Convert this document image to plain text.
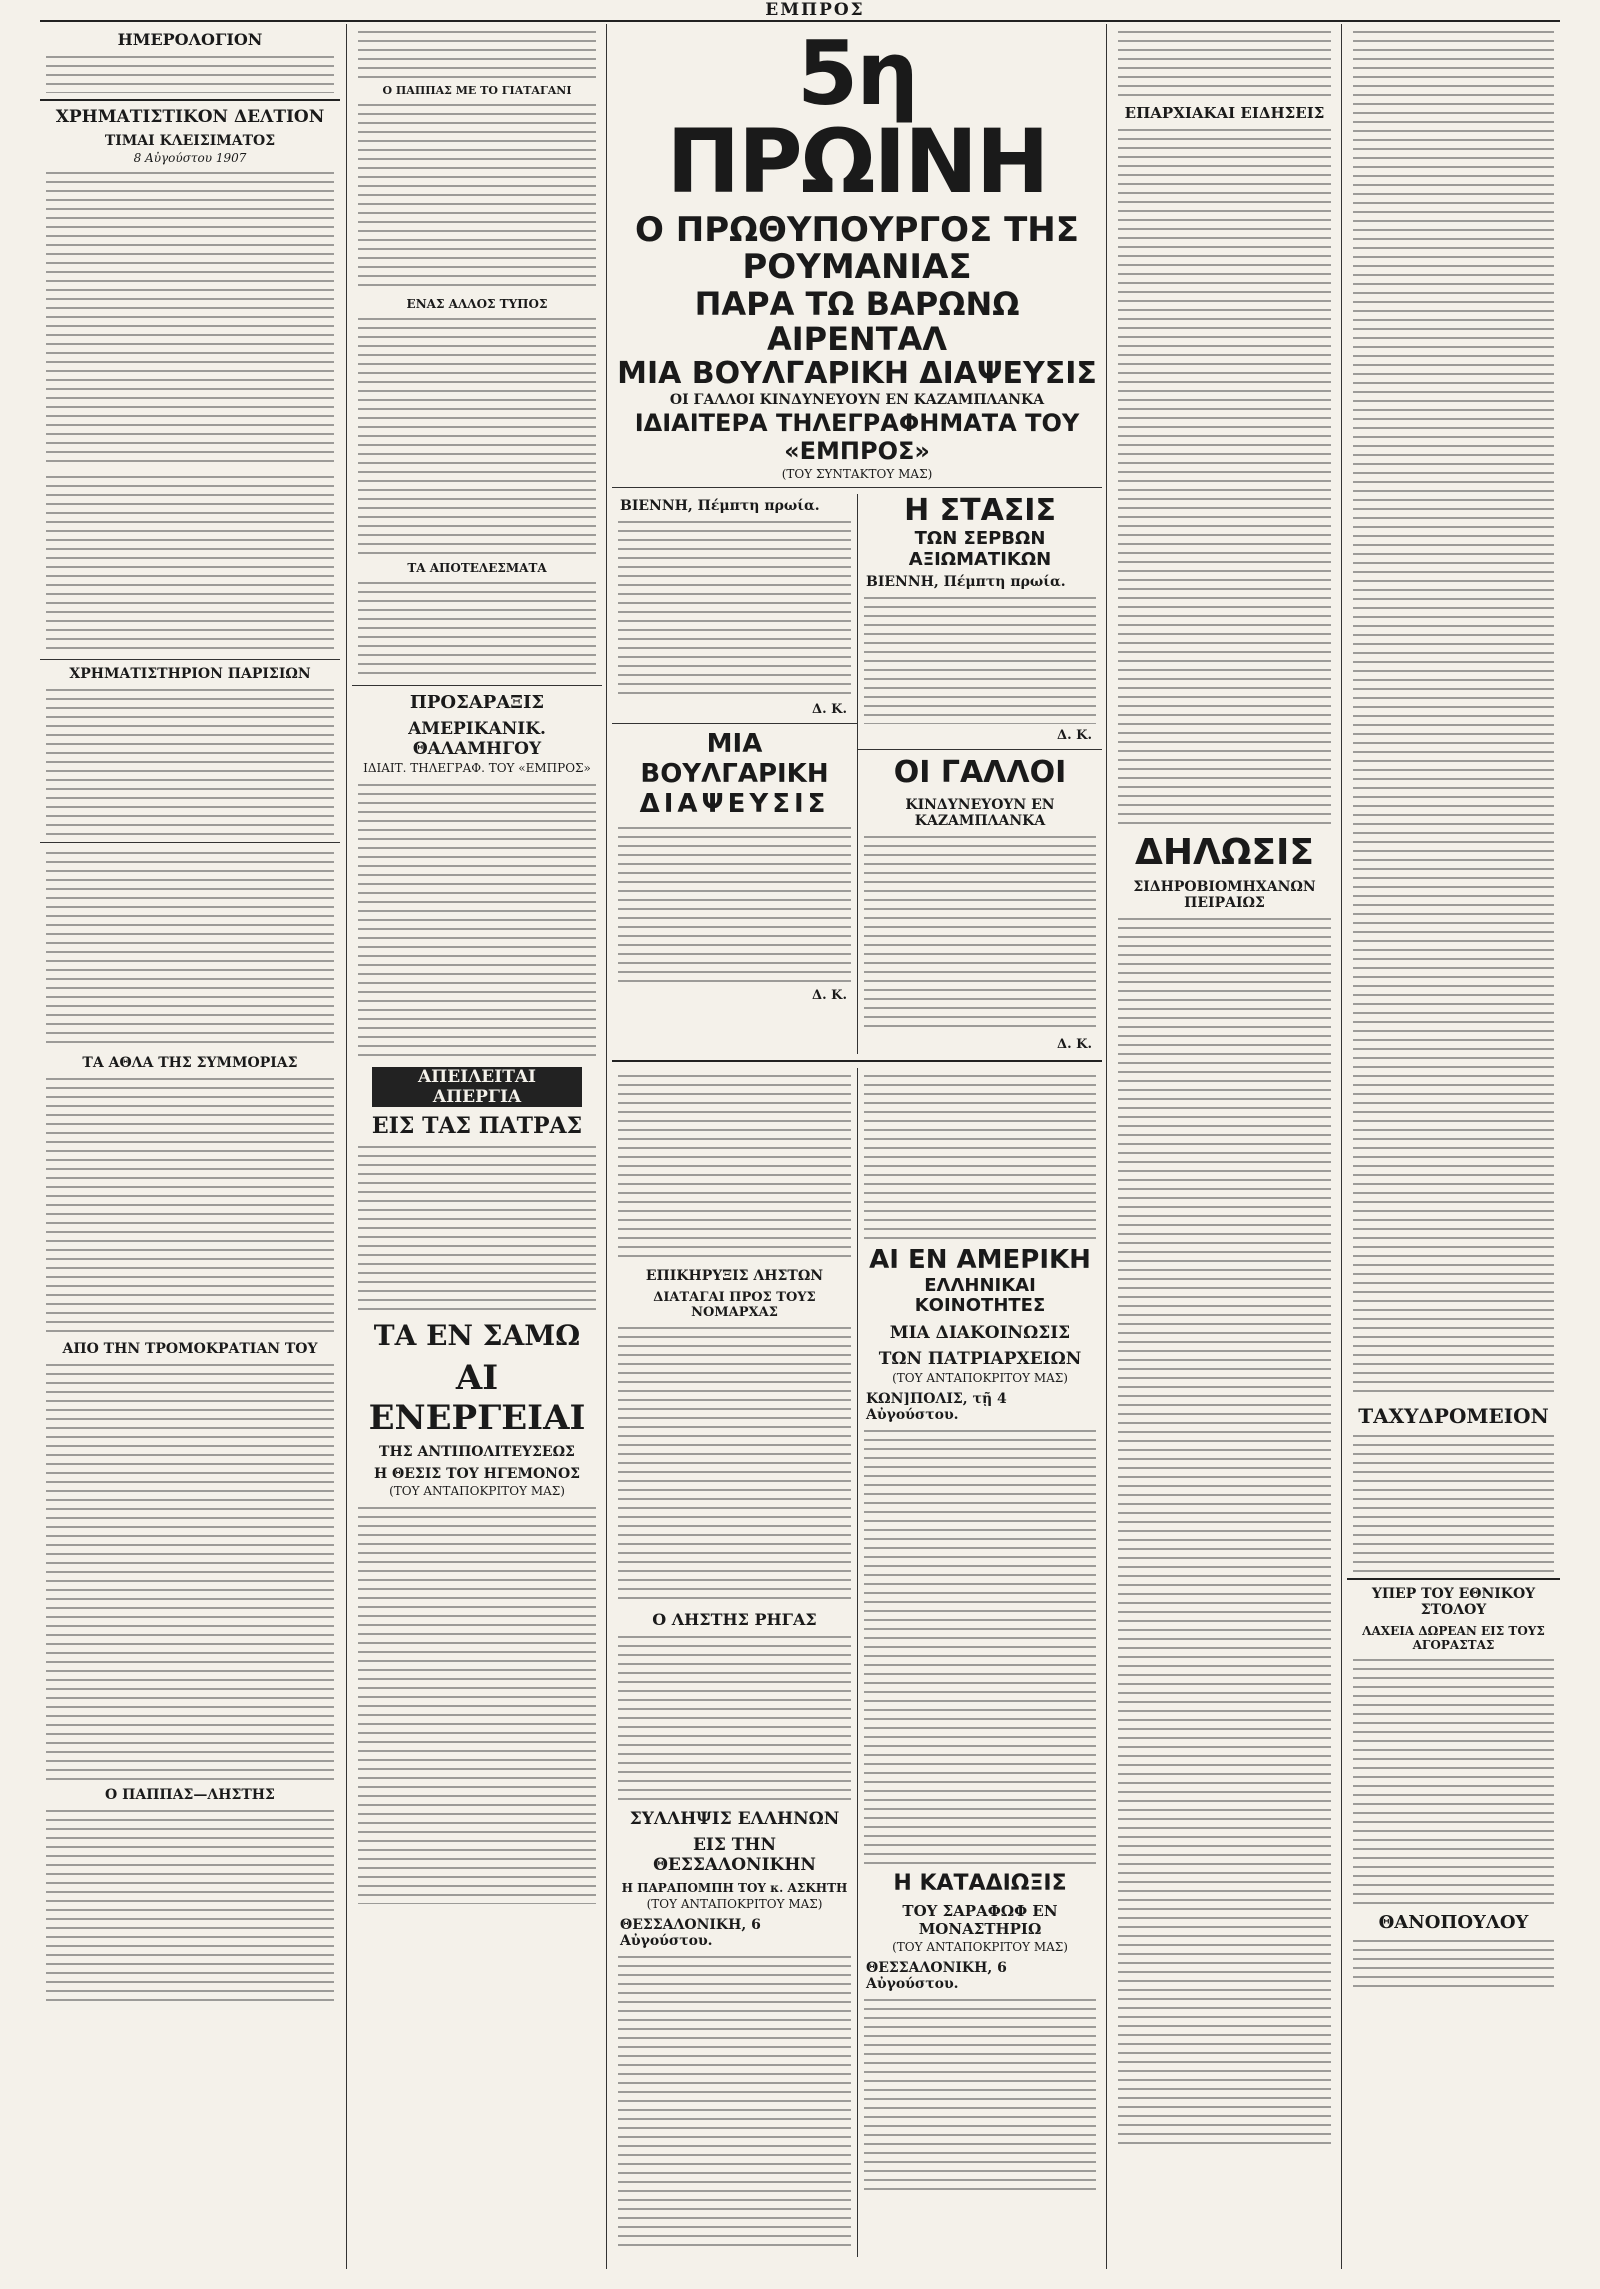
ΕΜΠΡΟΣ
ΗΜΕΡΟΛΟΓΙΟΝ
ΧΡΗΜΑΤΙΣΤΙΚΟΝ ΔΕΛΤΙΟΝ
ΤΙΜΑΙ ΚΛΕΙΣΙΜΑΤΟΣ
8 Αὐγούστου 1907
ΧΡΗΜΑΤΙΣΤΗΡΙΟΝ ΠΑΡΙΣΙΩΝ
ΤΑ ΑΘΛΑ ΤΗΣ ΣΥΜΜΟΡΙΑΣ
ΑΠΟ ΤΗΝ ΤΡΟΜΟΚΡΑΤΙΑΝ ΤΟΥ
Ο ΠΑΠΠΑΣ—ΛΗΣΤΗΣ
Ο ΠΑΠΠΑΣ ΜΕ ΤΟ ΓΙΑΤΑΓΑΝΙ
ΕΝΑΣ ΑΛΛΟΣ ΤΥΠΟΣ
ΤΑ ΑΠΟΤΕΛΕΣΜΑΤΑ
ΠΡΟΣΑΡΑΞΙΣ
ΑΜΕΡΙΚΑΝΙΚ. ΘΑΛΑΜΗΓΟΥ
ΙΔΙΑΙΤ. ΤΗΛΕΓΡΑΦ. ΤΟΥ «ΕΜΠΡΟΣ»
ΑΠΕΙΛΕΙΤΑΙ ΑΠΕΡΓΙΑ
ΕΙΣ ΤΑΣ ΠΑΤΡΑΣ
ΤΑ ΕΝ ΣΑΜΩ
ΑΙ ΕΝΕΡΓΕΙΑΙ
ΤΗΣ ΑΝΤΙΠΟΛΙΤΕΥΣΕΩΣ
Η ΘΕΣΙΣ ΤΟΥ ΗΓΕΜΟΝΟΣ
(ΤΟΥ ΑΝΤΑΠΟΚΡΙΤΟΥ ΜΑΣ)
5η ΠΡΩΙΝΗ
Ο ΠΡΩΘΥΠΟΥΡΓΟΣ ΤΗΣ ΡΟΥΜΑΝΙΑΣ
ΠΑΡΑ ΤΩ ΒΑΡΩΝΩ ΑΙΡΕΝΤΑΛ
ΜΙΑ ΒΟΥΛΓΑΡΙΚΗ ΔΙΑΨΕΥΣΙΣ
ΟΙ ΓΑΛΛΟΙ ΚΙΝΔΥΝΕΥΟΥΝ ΕΝ ΚΑΖΑΜΠΛΑΝΚΑ
ΙΔΙΑΙΤΕΡΑ ΤΗΛΕΓΡΑΦΗΜΑΤΑ ΤΟΥ «ΕΜΠΡΟΣ»
(ΤΟΥ ΣΥΝΤΑΚΤΟΥ ΜΑΣ)
ΒΙΕΝΝΗ, Πέμπτη πρωία.
Δ. Κ.
ΜΙΑ ΒΟΥΛΓΑΡΙΚΗ
ΔΙΑΨΕΥΣΙΣ
Δ. Κ.
Η ΣΤΑΣΙΣ
ΤΩΝ ΣΕΡΒΩΝ ΑΞΙΩΜΑΤΙΚΩΝ
ΒΙΕΝΝΗ, Πέμπτη πρωία.
Δ. Κ.
ΟΙ ΓΑΛΛΟΙ
ΚΙΝΔΥΝΕΥΟΥΝ ΕΝ ΚΑΖΑΜΠΛΑΝΚΑ
Δ. Κ.
ΕΠΙΚΗΡΥΞΙΣ ΛΗΣΤΩΝ
ΔΙΑΤΑΓΑΙ ΠΡΟΣ ΤΟΥΣ ΝΟΜΑΡΧΑΣ
Ο ΛΗΣΤΗΣ ΡΗΓΑΣ
ΣΥΛΛΗΨΙΣ ΕΛΛΗΝΩΝ
ΕΙΣ ΤΗΝ ΘΕΣΣΑΛΟΝΙΚΗΝ
Η ΠΑΡΑΠΟΜΠΗ ΤΟΥ κ. ΑΣΚΗΤΗ
(ΤΟΥ ΑΝΤΑΠΟΚΡΙΤΟΥ ΜΑΣ)
ΘΕΣΣΑΛΟΝΙΚΗ, 6 Αὐγούστου.
ΑΙ ΕΝ ΑΜΕΡΙΚΗ
ΕΛΛΗΝΙΚΑΙ ΚΟΙΝΟΤΗΤΕΣ
ΜΙΑ ΔΙΑΚΟΙΝΩΣΙΣ
ΤΩΝ ΠΑΤΡΙΑΡΧΕΙΩΝ
(ΤΟΥ ΑΝΤΑΠΟΚΡΙΤΟΥ ΜΑΣ)
ΚΩΝ]ΠΟΛΙΣ, τῇ 4 Αὐγούστου.
Η ΚΑΤΑΔΙΩΞΙΣ
ΤΟΥ ΣΑΡΑΦΩΦ ΕΝ ΜΟΝΑΣΤΗΡΙΩ
(ΤΟΥ ΑΝΤΑΠΟΚΡΙΤΟΥ ΜΑΣ)
ΘΕΣΣΑΛΟΝΙΚΗ, 6 Αὐγούστου.
ΕΠΑΡΧΙΑΚΑΙ ΕΙΔΗΣΕΙΣ
ΔΗΛΩΣΙΣ
ΣΙΔΗΡΟΒΙΟΜΗΧΑΝΩΝ ΠΕΙΡΑΙΩΣ
ΤΑΧΥΔΡΟΜΕΙΟΝ
ΥΠΕΡ ΤΟΥ ΕΘΝΙΚΟΥ ΣΤΟΛΟΥ
ΛΑΧΕΙΑ ΔΩΡΕΑΝ ΕΙΣ ΤΟΥΣ ΑΓΟΡΑΣΤΑΣ
ΘΑΝΟΠΟΥΛΟΥ
